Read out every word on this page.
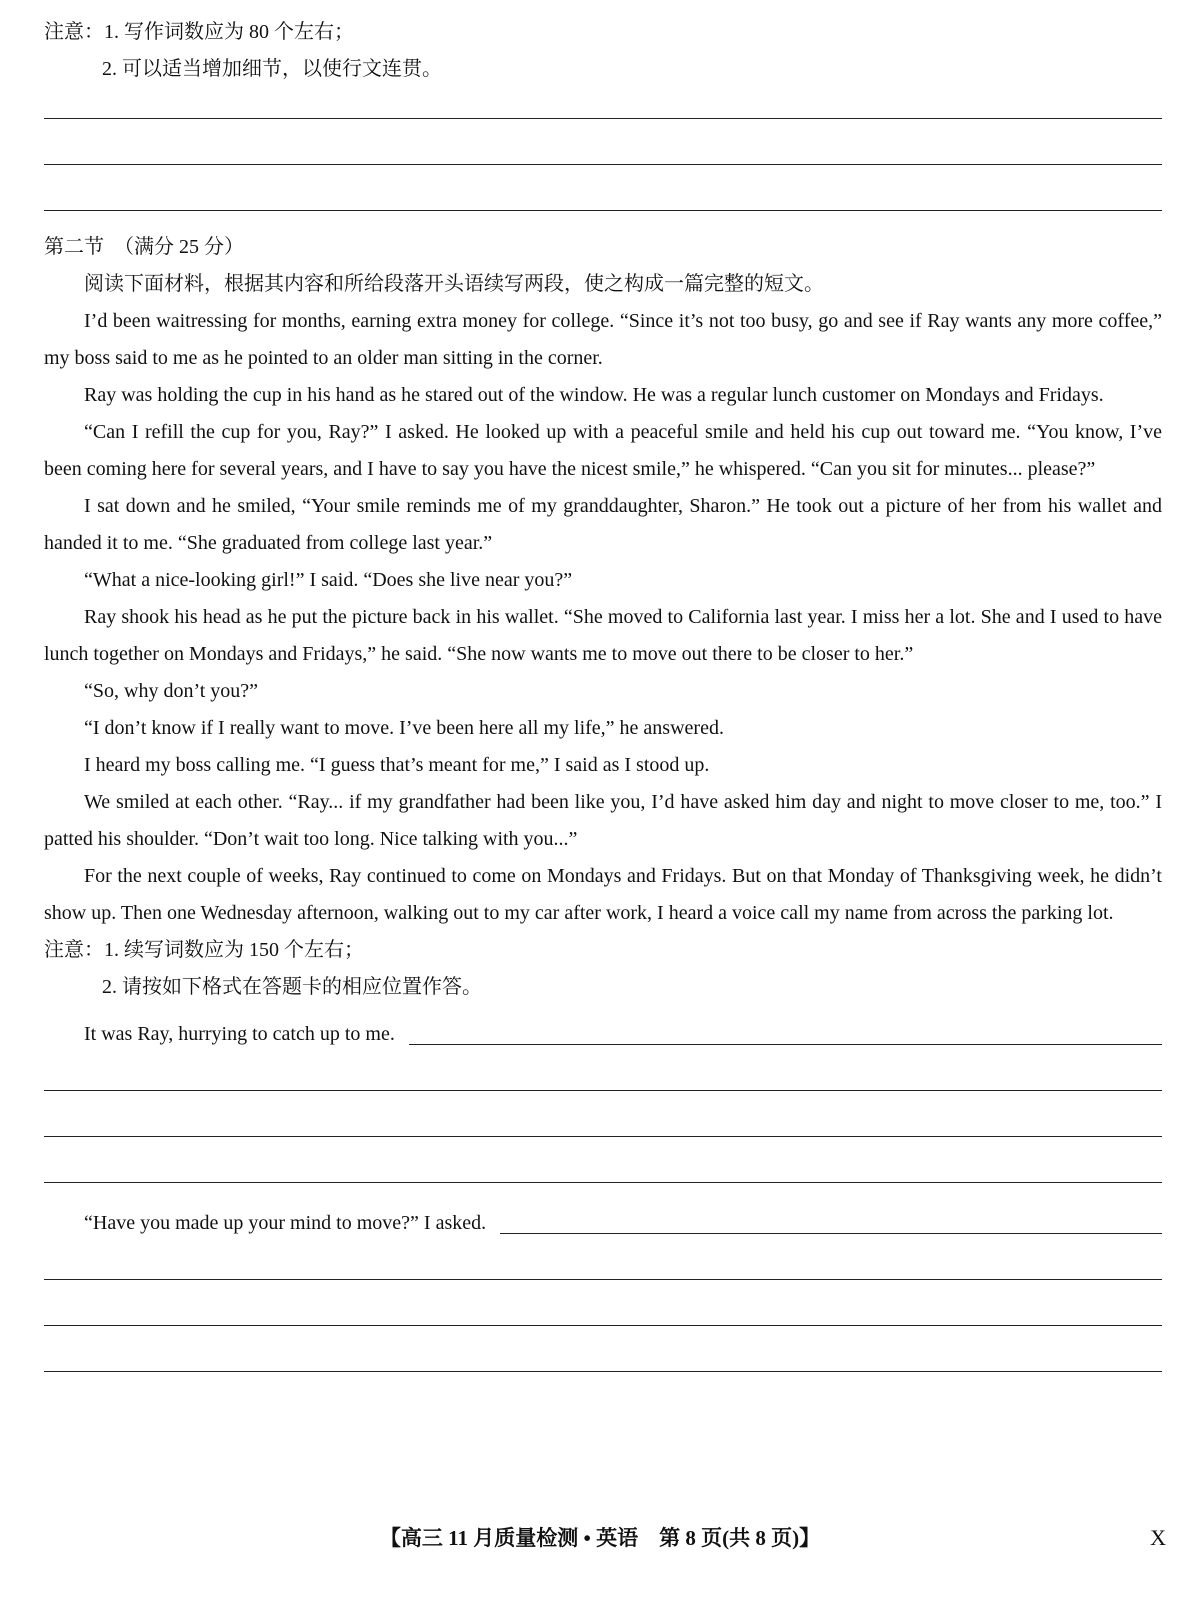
注意：1. 写作词数应为 80 个左右；
2. 可以适当增加细节，以使行文连贯。

第二节　（满分 25 分）

阅读下面材料，根据其内容和所给段落开头语续写两段，使之构成一篇完整的短文。

I’d been waitressing for months, earning extra money for college. “Since it’s not too busy, go and see if Ray wants any more coffee,” my boss said to me as he pointed to an older man sitting in the corner.

Ray was holding the cup in his hand as he stared out of the window. He was a regular lunch customer on Mondays and Fridays.

“Can I refill the cup for you, Ray?” I asked. He looked up with a peaceful smile and held his cup out toward me. “You know, I’ve been coming here for several years, and I have to say you have the nicest smile,” he whispered. “Can you sit for minutes... please?”

I sat down and he smiled, “Your smile reminds me of my granddaughter, Sharon.” He took out a picture of her from his wallet and handed it to me. “She graduated from college last year.”

“What a nice-looking girl!” I said. “Does she live near you?”

Ray shook his head as he put the picture back in his wallet. “She moved to California last year. I miss her a lot. She and I used to have lunch together on Mondays and Fridays,” he said. “She now wants me to move out there to be closer to her.”

“So, why don’t you?”

“I don’t know if I really want to move. I’ve been here all my life,” he answered.

I heard my boss calling me. “I guess that’s meant for me,” I said as I stood up.

We smiled at each other. “Ray... if my grandfather had been like you, I’d have asked him day and night to move closer to me, too.” I patted his shoulder. “Don’t wait too long. Nice talking with you...”

For the next couple of weeks, Ray continued to come on Mondays and Fridays. But on that Monday of Thanksgiving week, he didn’t show up. Then one Wednesday afternoon, walking out to my car after work, I heard a voice call my name from across the parking lot.

注意：1. 续写词数应为 150 个左右；
2. 请按如下格式在答题卡的相应位置作答。
It was Ray, hurrying to catch up to me.
“Have you made up your mind to move?” I asked.
【高三 11 月质量检测 • 英语　第 8 页(共 8 页)】	X
